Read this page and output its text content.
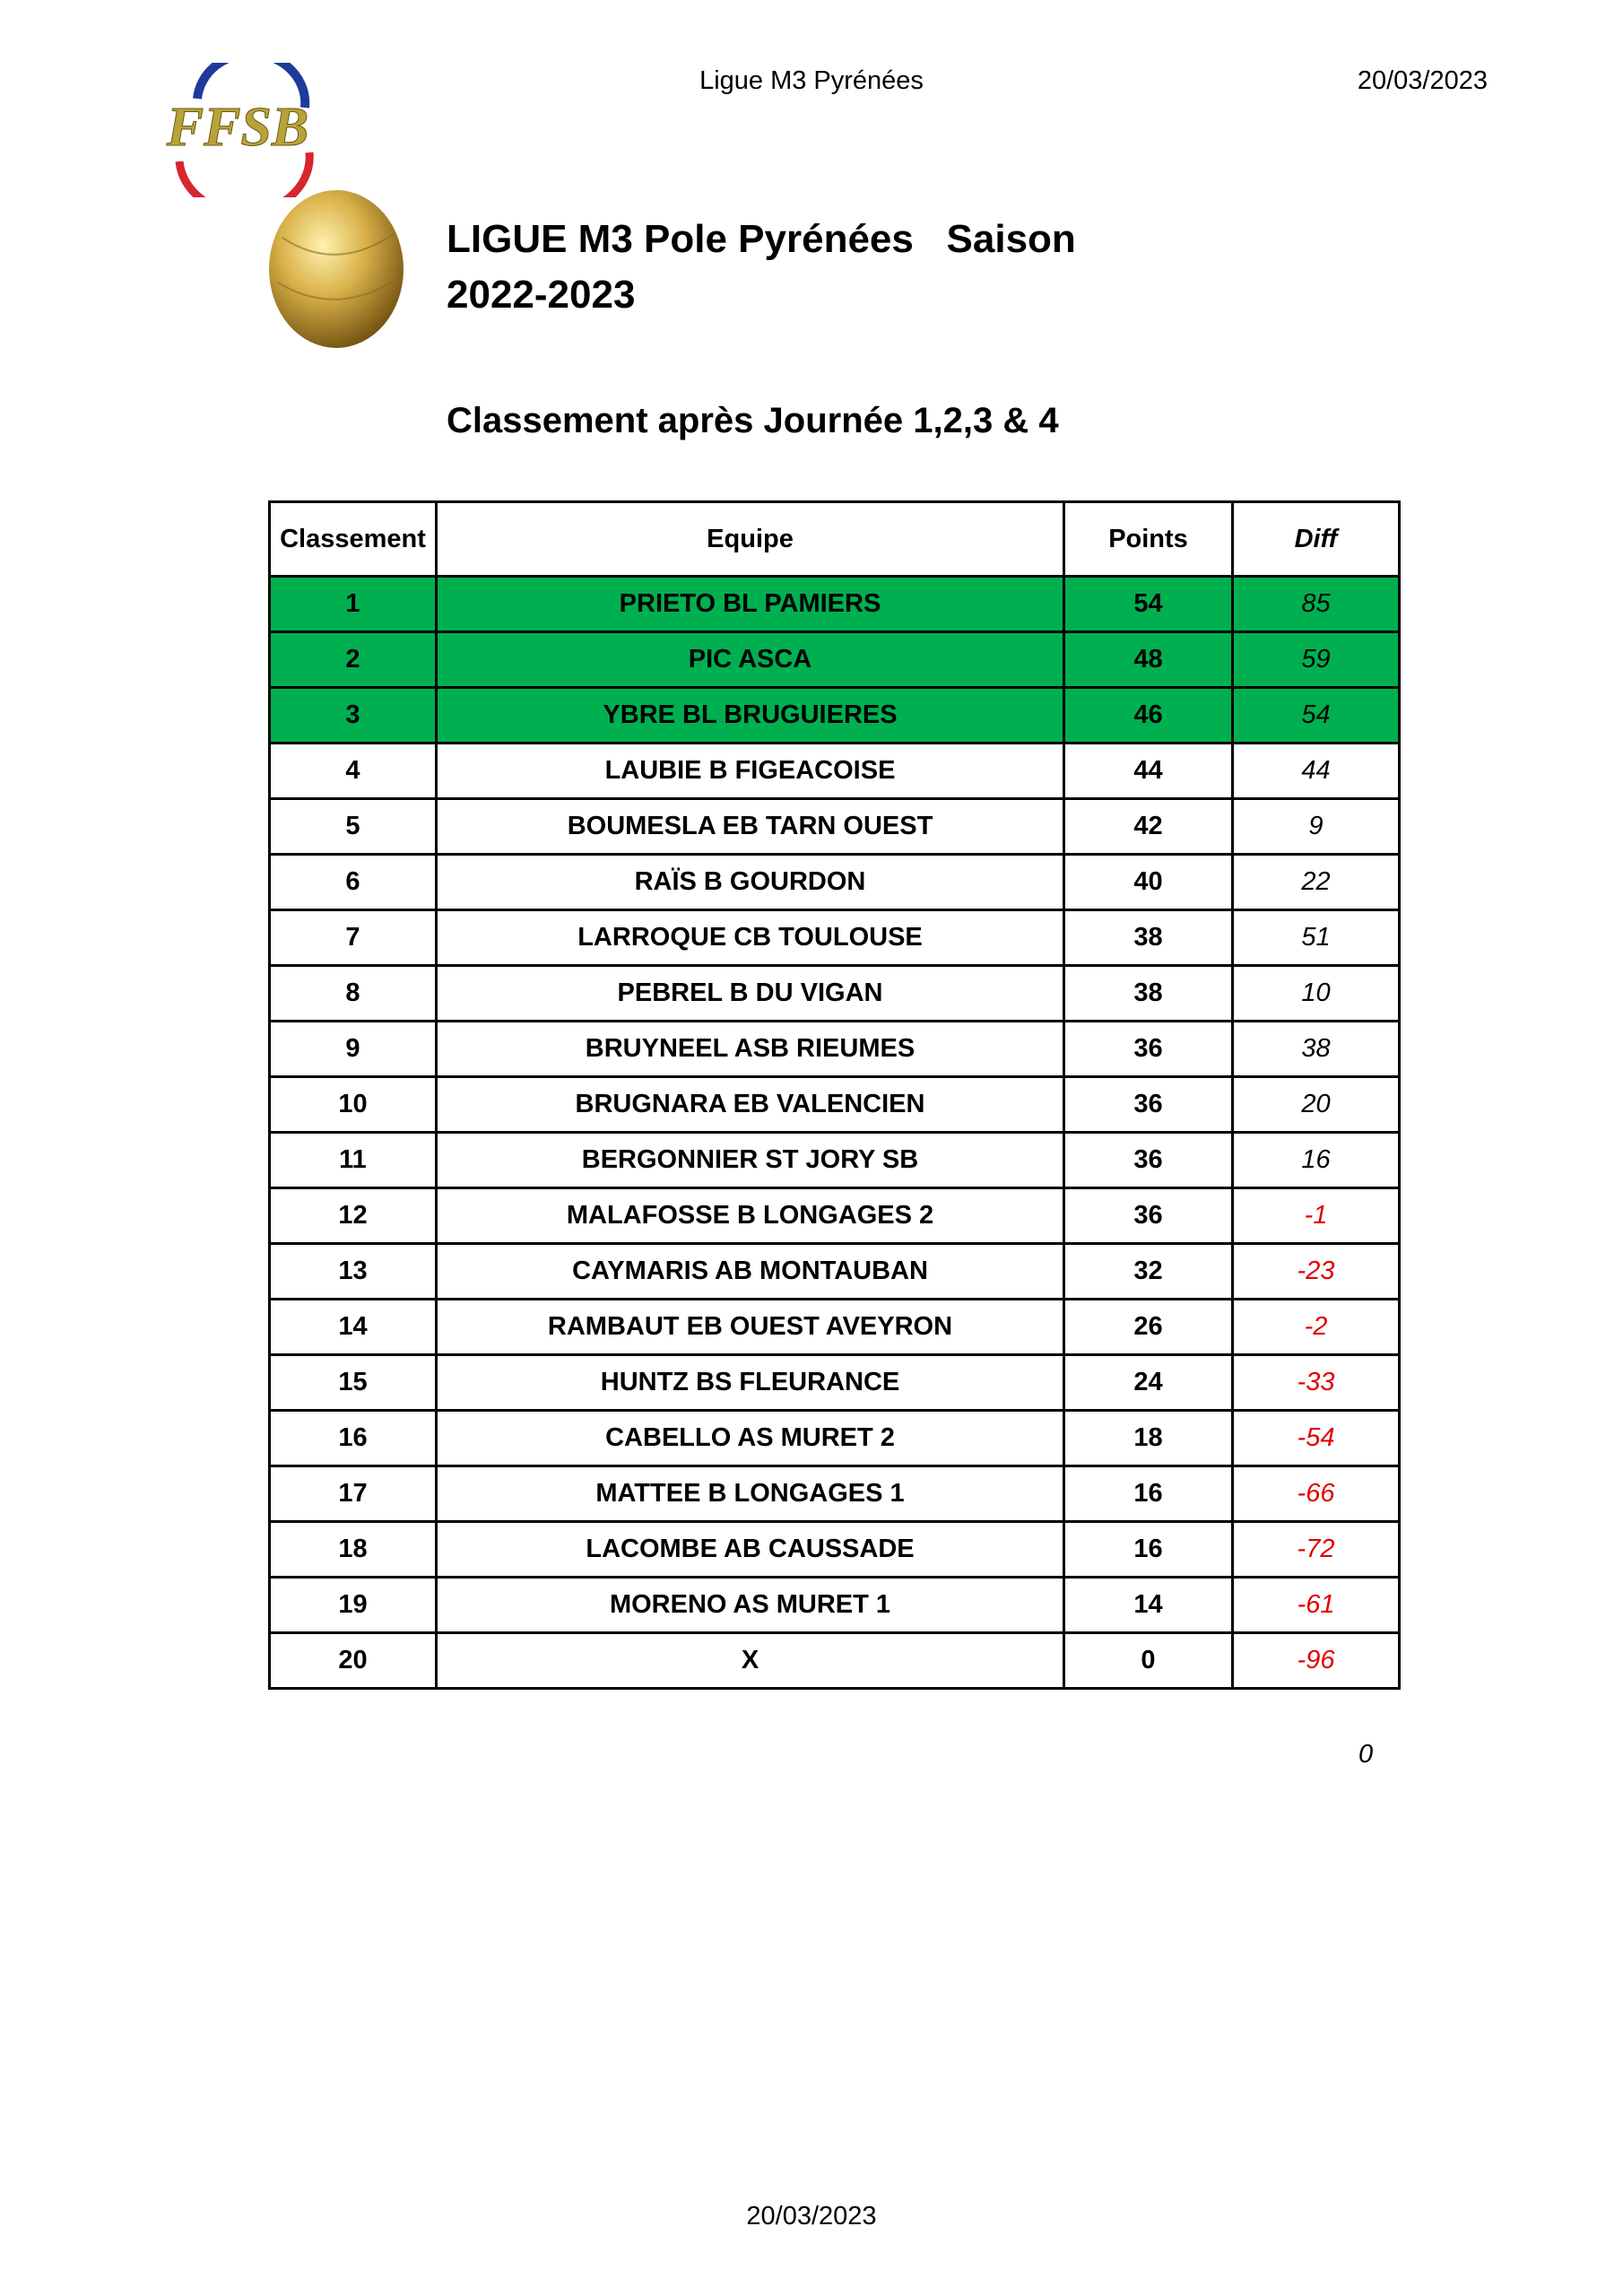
Ligue M3 Pyrénées	20/03/2023
FFSB
LIGUE M3 Pole Pyrénées   Saison
2022-2023
Classement après Journée 1,2,3 & 4
Classement	Equipe	Points	Diff
1	PRIETO BL PAMIERS	54	85
2	PIC ASCA	48	59
3	YBRE BL BRUGUIERES	46	54
4	LAUBIE B FIGEACOISE	44	44
5	BOUMESLA EB TARN OUEST	42	9
6	RAÏS B GOURDON	40	22
7	LARROQUE CB TOULOUSE	38	51
8	PEBREL B DU VIGAN	38	10
9	BRUYNEEL ASB RIEUMES	36	38
10	BRUGNARA EB VALENCIEN	36	20
11	BERGONNIER ST JORY SB	36	16
12	MALAFOSSE B LONGAGES 2	36	-1
13	CAYMARIS AB MONTAUBAN	32	-23
14	RAMBAUT EB OUEST AVEYRON	26	-2
15	HUNTZ BS FLEURANCE	24	-33
16	CABELLO AS MURET 2	18	-54
17	MATTEE B LONGAGES 1	16	-66
18	LACOMBE AB CAUSSADE	16	-72
19	MORENO AS MURET 1	14	-61
20	X	0	-96
0
20/03/2023
